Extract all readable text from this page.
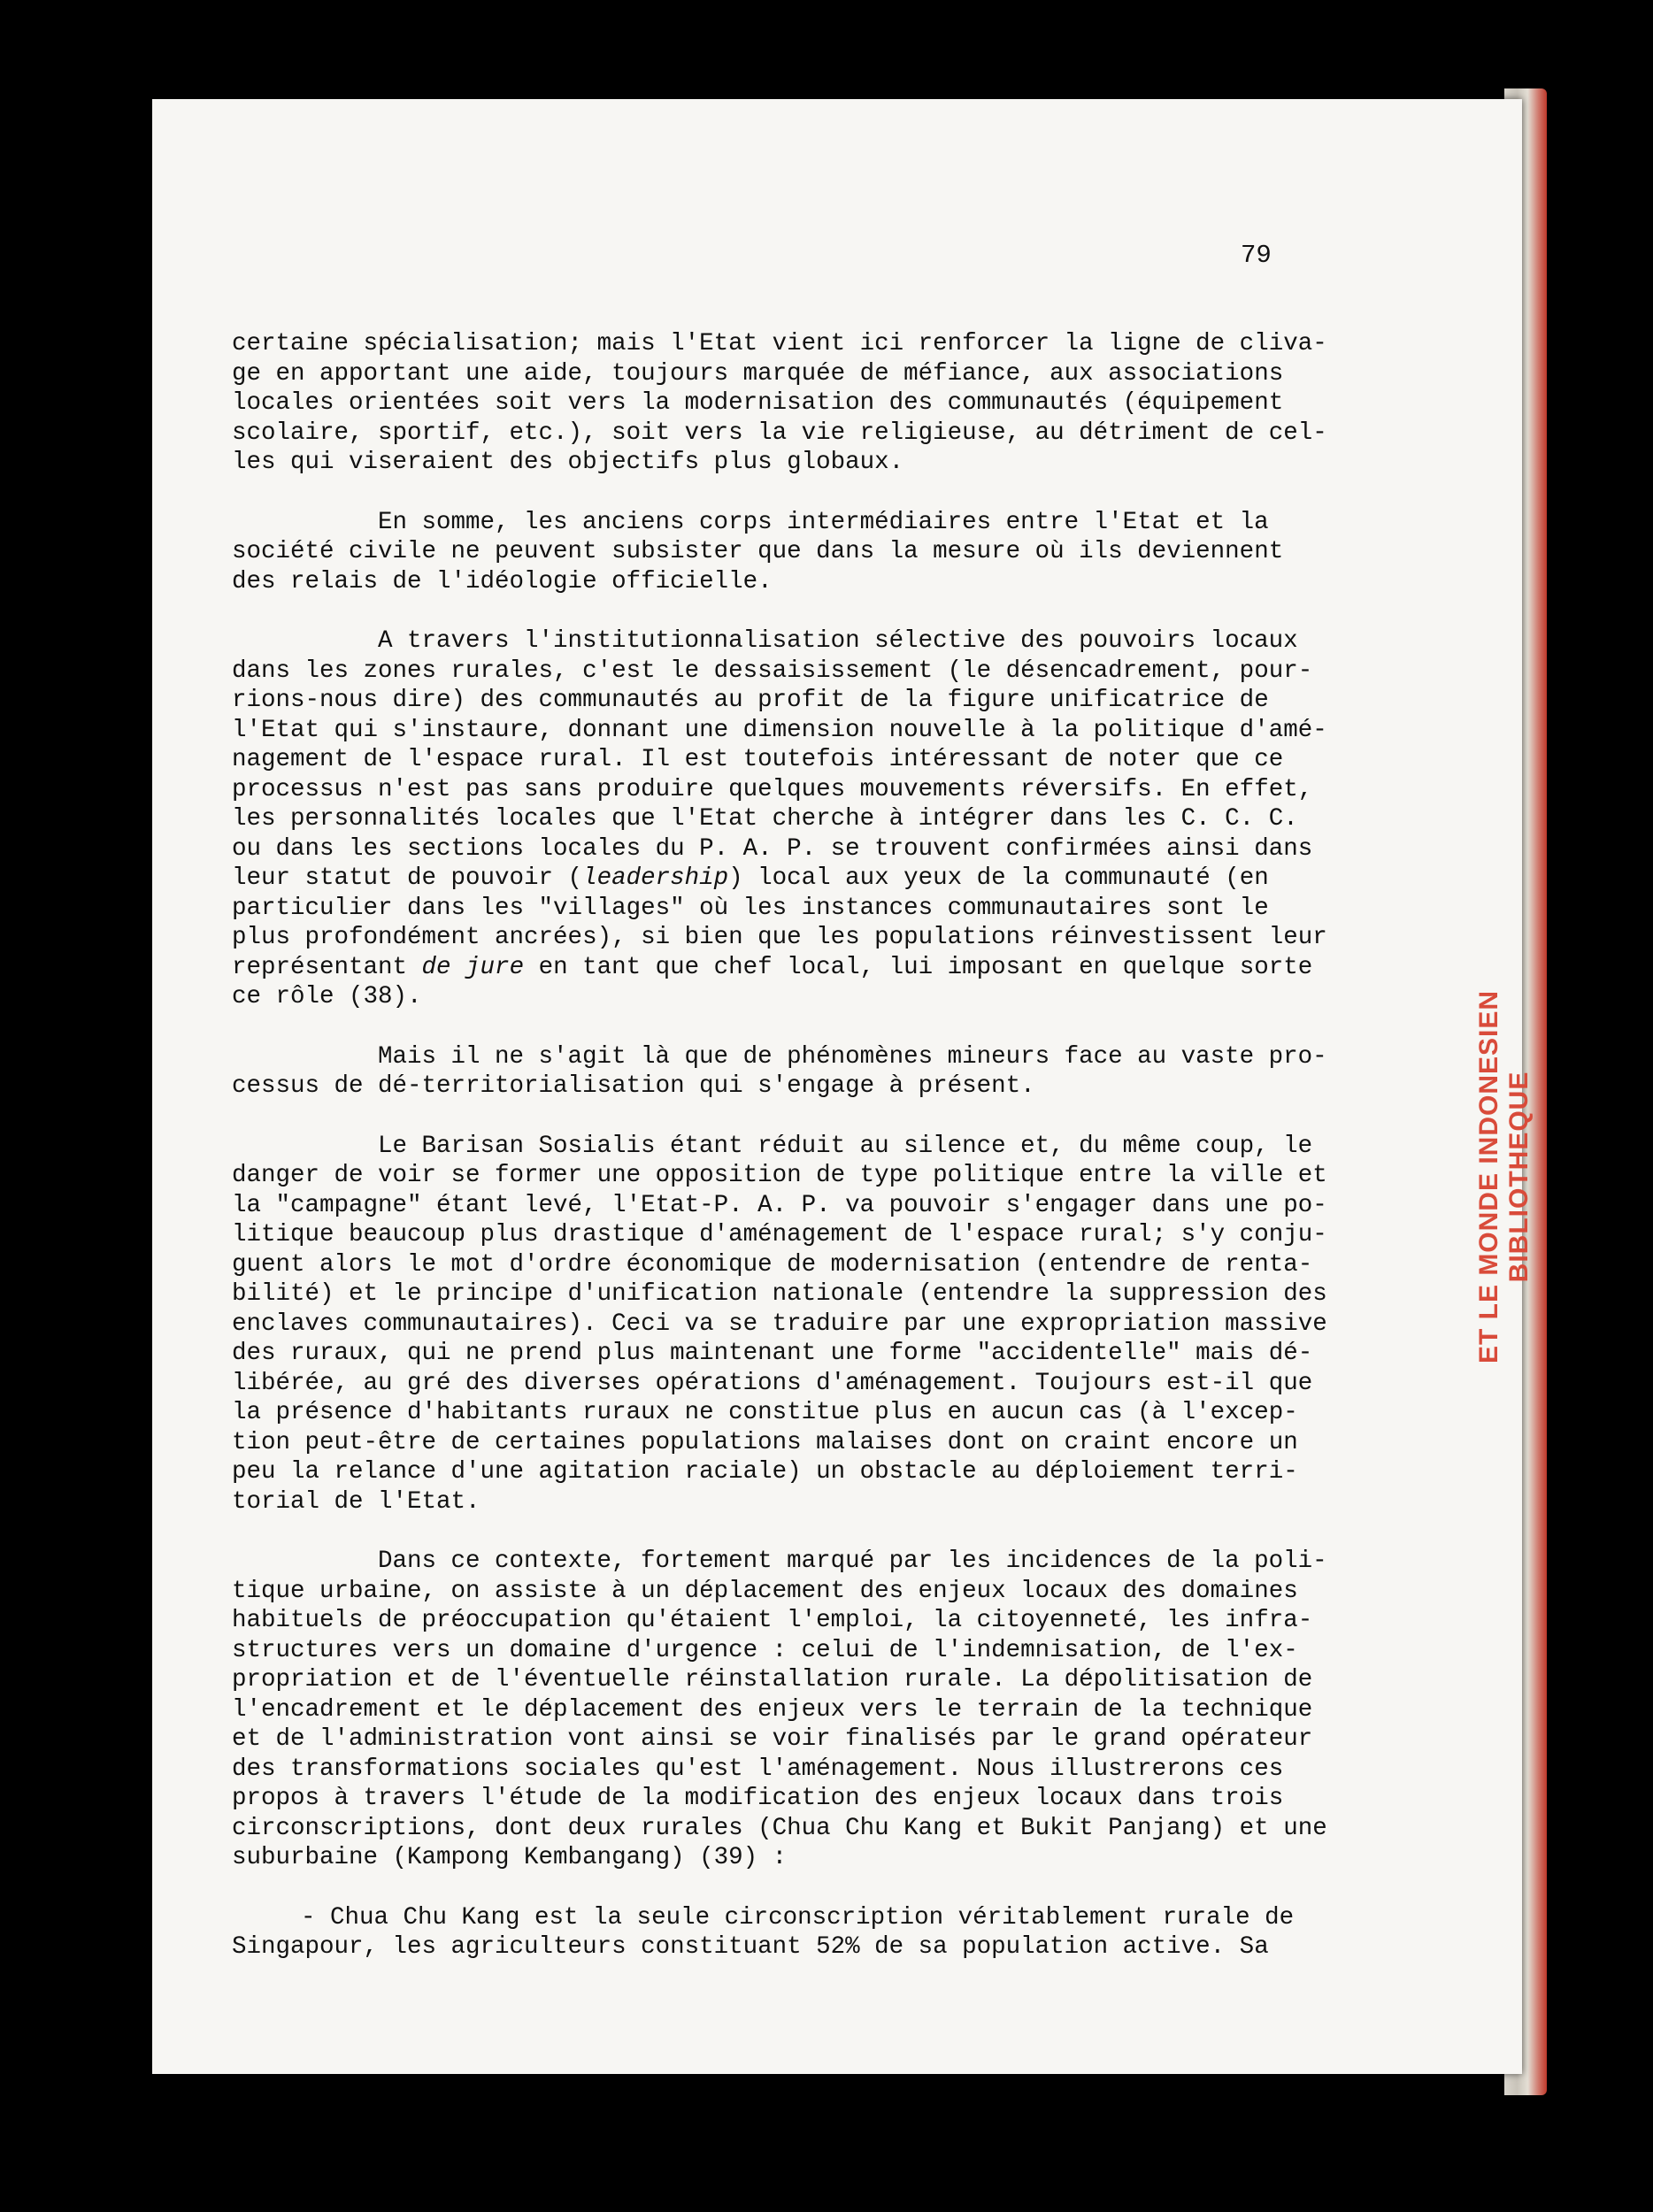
ET LE MONDE INDONESIEN BIBLIOTHEQUE

79

certaine spécialisation; mais l'Etat vient ici renforcer la ligne de cliva-
ge en apportant une aide, toujours marquée de méfiance, aux associations
locales orientées soit vers la modernisation des communautés (équipement
scolaire, sportif, etc.), soit vers la vie religieuse, au détriment de cel-
les qui viseraient des objectifs plus globaux.
En somme, les anciens corps intermédiaires entre l'Etat et la
société civile ne peuvent subsister que dans la mesure où ils deviennent
des relais de l'idéologie officielle.
A travers l'institutionnalisation sélective des pouvoirs locaux
dans les zones rurales, c'est le dessaisissement (le désencadrement, pour-
rions-nous dire) des communautés au profit de la figure unificatrice de
l'Etat qui s'instaure, donnant une dimension nouvelle à la politique d'amé-
nagement de l'espace rural. Il est toutefois intéressant de noter que ce
processus n'est pas sans produire quelques mouvements réversifs. En effet,
les personnalités locales que l'Etat cherche à intégrer dans les C. C. C.
ou dans les sections locales du P. A. P. se trouvent confirmées ainsi dans
leur statut de pouvoir (leadership) local aux yeux de la communauté (en
particulier dans les "villages" où les instances communautaires sont le
plus profondément ancrées), si bien que les populations réinvestissent leur
représentant de jure en tant que chef local, lui imposant en quelque sorte
ce rôle (38).
Mais il ne s'agit là que de phénomènes mineurs face au vaste pro-
cessus de dé-territorialisation qui s'engage à présent.
Le Barisan Sosialis étant réduit au silence et, du même coup, le
danger de voir se former une opposition de type politique entre la ville et
la "campagne" étant levé, l'Etat-P. A. P. va pouvoir s'engager dans une po-
litique beaucoup plus drastique d'aménagement de l'espace rural; s'y conju-
guent alors le mot d'ordre économique de modernisation (entendre de renta-
bilité) et le principe d'unification nationale (entendre la suppression des
enclaves communautaires). Ceci va se traduire par une expropriation massive
des ruraux, qui ne prend plus maintenant une forme "accidentelle" mais dé-
libérée, au gré des diverses opérations d'aménagement. Toujours est-il que
la présence d'habitants ruraux ne constitue plus en aucun cas (à l'excep-
tion peut-être de certaines populations malaises dont on craint encore un
peu la relance d'une agitation raciale) un obstacle au déploiement terri-
torial de l'Etat.
Dans ce contexte, fortement marqué par les incidences de la poli-
tique urbaine, on assiste à un déplacement des enjeux locaux des domaines
habituels de préoccupation qu'étaient l'emploi, la citoyenneté, les infra-
structures vers un domaine d'urgence : celui de l'indemnisation, de l'ex-
propriation et de l'éventuelle réinstallation rurale. La dépolitisation de
l'encadrement et le déplacement des enjeux vers le terrain de la technique
et de l'administration vont ainsi se voir finalisés par le grand opérateur
des transformations sociales qu'est l'aménagement. Nous illustrerons ces
propos à travers l'étude de la modification des enjeux locaux dans trois
circonscriptions, dont deux rurales (Chua Chu Kang et Bukit Panjang) et une
suburbaine (Kampong Kembangang) (39) :
- Chua Chu Kang est la seule circonscription véritablement rurale de
Singapour, les agriculteurs constituant 52% de sa population active. Sa
